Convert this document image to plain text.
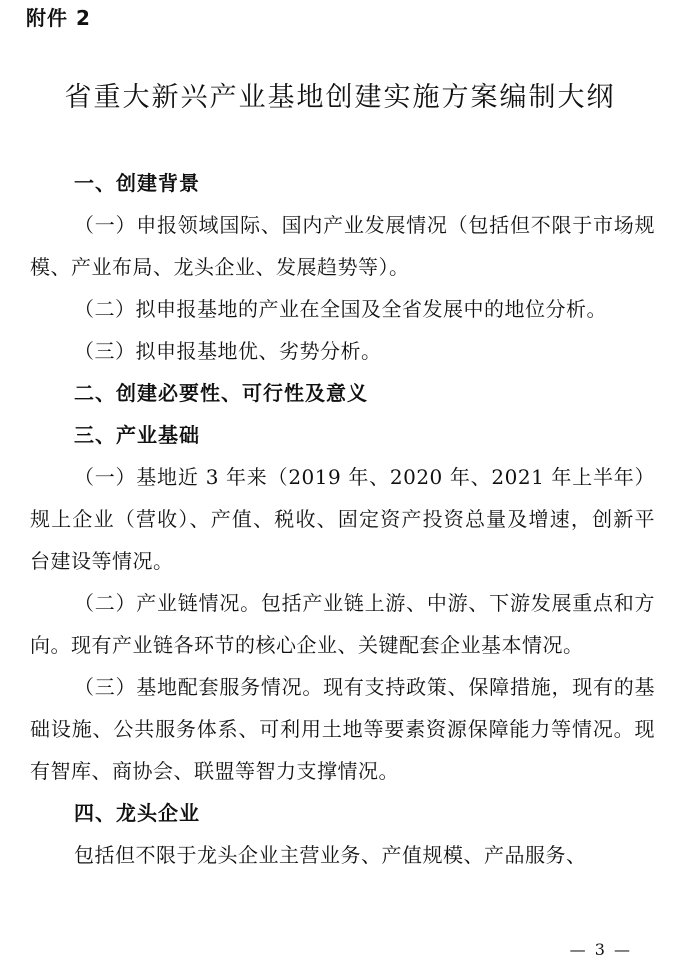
附件 2
省重大新兴产业基地创建实施方案编制大纲
一、创建背景
（一）申报领域国际、国内产业发展情况（包括但不限于市场规模、产业布局、龙头企业、发展趋势等）。
（二）拟申报基地的产业在全国及全省发展中的地位分析。
（三）拟申报基地优、劣势分析。
二、创建必要性、可行性及意义
三、产业基础
（一）基地近 3 年来（2019 年、2020 年、2021 年上半年）规上企业（营收）、产值、税收、固定资产投资总量及增速，创新平台建设等情况。
（二）产业链情况。包括产业链上游、中游、下游发展重点和方向。现有产业链各环节的核心企业、关键配套企业基本情况。
（三）基地配套服务情况。现有支持政策、保障措施，现有的基础设施、公共服务体系、可利用土地等要素资源保障能力等情况。现有智库、商协会、联盟等智力支撑情况。
四、龙头企业
包括但不限于龙头企业主营业务、产值规模、产品服务、
— 3 —
